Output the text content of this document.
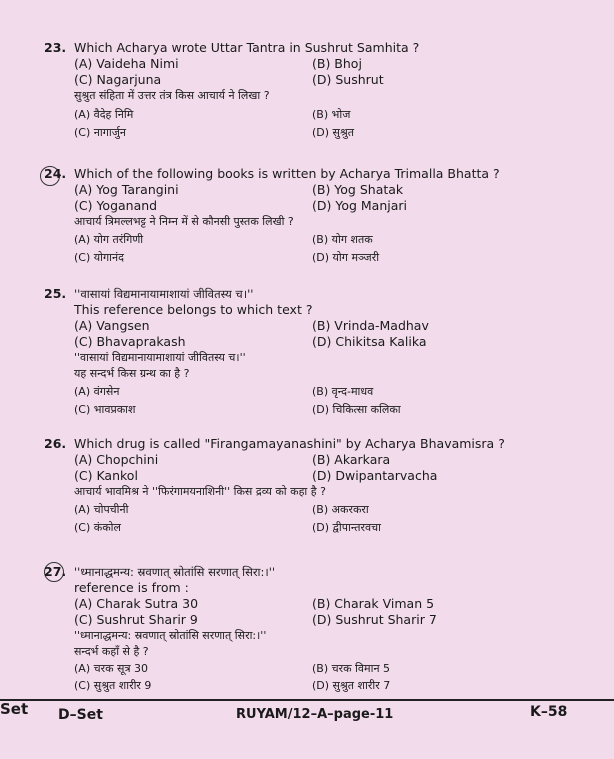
23. Which Acharya wrote Uttar Tantra in Sushrut Samhita ?
(A) Vaideha Nimi	(B) Bhoj
(C) Nagarjuna	(D) Sushrut
सुश्रुत संहिता में उत्तर तंत्र किस आचार्य ने लिखा ?
(A) वैदेह निमि	(B) भोज
(C) नागार्जुन	(D) सुश्रुत
24. Which of the following books is written by Acharya Trimalla Bhatta ?
(A) Yog Tarangini	(B) Yog Shatak
(C) Yoganand	(D) Yog Manjari
आचार्य त्रिमल्लभट्ट ने निम्न में से कौनसी पुस्तक लिखी ?
(A) योग तरंगिणी	(B) योग शतक
(C) योगानंद	(D) योग मञ्जरी
25. ''वासायां विद्यमानायामाशायां जीवितस्य च।''
This reference belongs to which text ?
(A) Vangsen	(B) Vrinda-Madhav
(C) Bhavaprakash	(D) Chikitsa Kalika
''वासायां विद्यमानायामाशायां जीवितस्य च।''
यह सन्दर्भ किस ग्रन्थ का है ?
(A) वंगसेन	(B) वृन्द-माधव
(C) भावप्रकाश	(D) चिकित्सा कलिका
26. Which drug is called "Firangamayanashini" by Acharya Bhavamisra ?
(A) Chopchini	(B) Akarkara
(C) Kankol	(D) Dwipantarvacha
आचार्य भावमिश्र ने ''फिरंगामयनाशिनी'' किस द्रव्य को कहा है ?
(A) चोपचीनी	(B) अकरकरा
(C) कंकोल	(D) द्वीपान्तरवचा
27. ''ध्मानाद्धमन्य: स्रवणात् स्रोतांसि सरणात् सिरा:।''
reference is from :
(A) Charak Sutra 30	(B) Charak Viman 5
(C) Sushrut Sharir 9	(D) Sushrut Sharir 7
''ध्मानाद्धमन्य: स्रवणात् स्रोतांसि सरणात् सिरा:।''
सन्दर्भ कहाँ से है ?
(A) चरक सूत्र 30	(B) चरक विमान 5
(C) सुश्रुत शारीर 9	(D) सुश्रुत शारीर 7
Set D–Set	RUYAM/12–A–page-11	K–58
